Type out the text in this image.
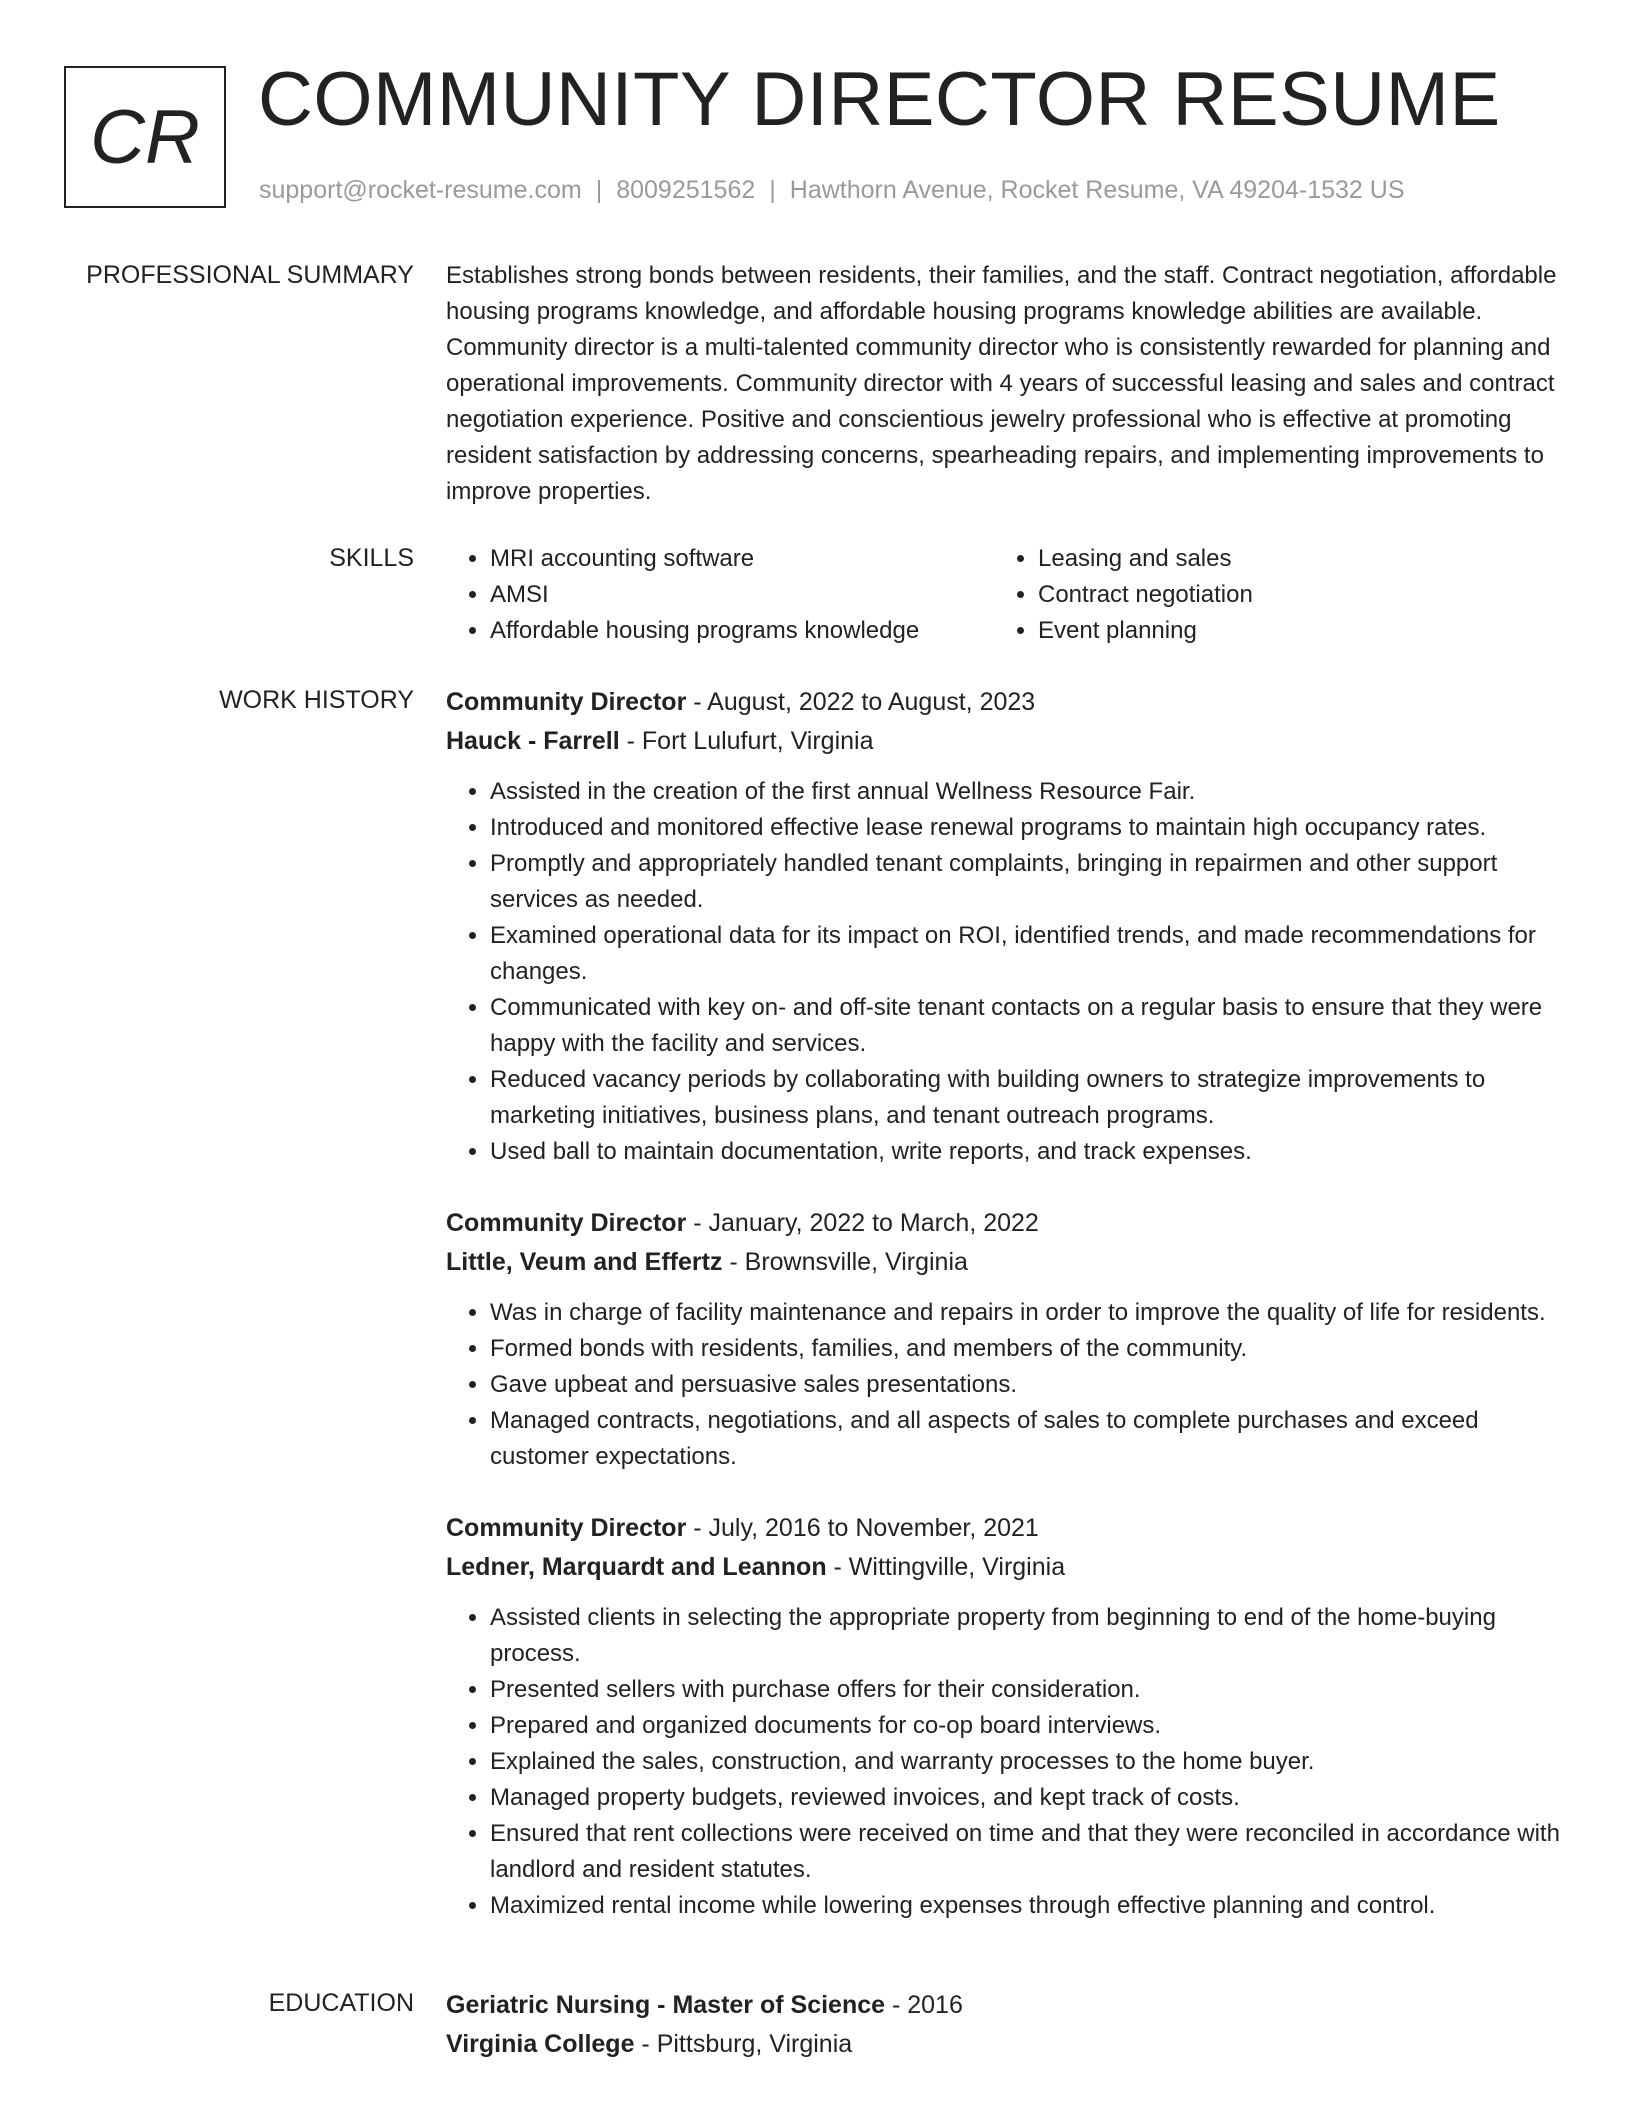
CR COMMUNITY DIRECTOR RESUME
support@rocket-resume.com | 8009251562 | Hawthorn Avenue, Rocket Resume, VA 49204-1532 US
PROFESSIONAL SUMMARY Establishes strong bonds between residents, their families, and the staff. Contract negotiation, affordable housing programs knowledge, and affordable housing programs knowledge abilities are available. Community director is a multi-talented community director who is consistently rewarded for planning and operational improvements. Community director with 4 years of successful leasing and sales and contract negotiation experience. Positive and conscientious jewelry professional who is effective at promoting resident satisfaction by addressing concerns, spearheading repairs, and implementing improvements to improve properties.

SKILLS
•	MRI accounting software
• AMSI
• Affordable housing programs knowledge
• Leasing and sales
• Contract negotiation
• Event planning
WORK HISTORY Community Director - August, 2022 to August, 2023
Hauck - Farrell - Fort Lulufurt, Virginia
• Assisted in the creation of the first annual Wellness Resource Fair.
• Introduced and monitored effective lease renewal programs to maintain high occupancy rates.
• Promptly and appropriately handled tenant complaints, bringing in repairmen and other support services as needed.
• Examined operational data for its impact on ROI, identified trends, and made recommendations for changes.
• Communicated with key on- and off-site tenant contacts on a regular basis to ensure that they were happy with the facility and services.
• Reduced vacancy periods by collaborating with building owners to strategize improvements to marketing initiatives, business plans, and tenant outreach programs.
• Used ball to maintain documentation, write reports, and track expenses.
Community Director - January, 2022 to March, 2022
Little, Veum and Effertz - Brownsville, Virginia
• Was in charge of facility maintenance and repairs in order to improve the quality of life for residents.
• Formed bonds with residents, families, and members of the community.
• Gave upbeat and persuasive sales presentations.
• Managed contracts, negotiations, and all aspects of sales to complete purchases and exceed customer expectations.
Community Director - July, 2016 to November, 2021
Ledner, Marquardt and Leannon - Wittingville, Virginia
• Assisted clients in selecting the appropriate property from beginning to end of the home-buying process.
• Presented sellers with purchase offers for their consideration.
• Prepared and organized documents for co-op board interviews.
• Explained the sales, construction, and warranty processes to the home buyer.
• Managed property budgets, reviewed invoices, and kept track of costs.
• Ensured that rent collections were received on time and that they were reconciled in accordance with landlord and resident statutes.
• Maximized rental income while lowering expenses through effective planning and control.
EDUCATION Geriatric Nursing - Master of Science - 2016
Virginia College - Pittsburg, Virginia
